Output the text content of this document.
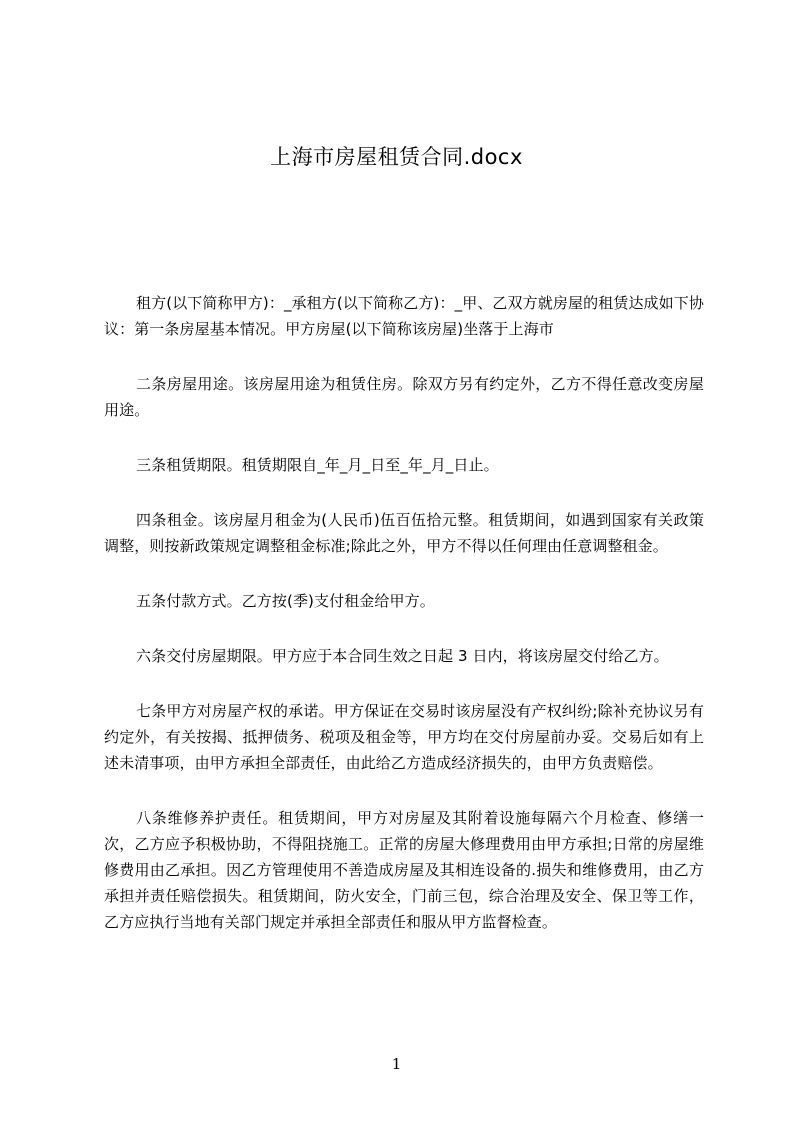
上海市房屋租赁合同.docx

租方(以下简称甲方)：_承租方(以下简称乙方)：_甲、乙双方就房屋的租赁达成如下协议：第一条房屋基本情况。甲方房屋(以下简称该房屋)坐落于上海市

二条房屋用途。该房屋用途为租赁住房。除双方另有约定外，乙方不得任意改变房屋用途。

三条租赁期限。租赁期限自_年_月_日至_年_月_日止。

四条租金。该房屋月租金为(人民币)伍百伍拾元整。租赁期间，如遇到国家有关政策调整，则按新政策规定调整租金标准;除此之外，甲方不得以任何理由任意调整租金。

五条付款方式。乙方按(季)支付租金给甲方。

六条交付房屋期限。甲方应于本合同生效之日起 3 日内，将该房屋交付给乙方。

七条甲方对房屋产权的承诺。甲方保证在交易时该房屋没有产权纠纷;除补充协议另有约定外，有关按揭、抵押债务、税项及租金等，甲方均在交付房屋前办妥。交易后如有上述未清事项，由甲方承担全部责任，由此给乙方造成经济损失的，由甲方负责赔偿。

八条维修养护责任。租赁期间，甲方对房屋及其附着设施每隔六个月检查、修缮一次，乙方应予积极协助，不得阻挠施工。正常的房屋大修理费用由甲方承担;日常的房屋维修费用由乙承担。因乙方管理使用不善造成房屋及其相连设备的.损失和维修费用，由乙方承担并责任赔偿损失。租赁期间，防火安全，门前三包，综合治理及安全、保卫等工作，乙方应执行当地有关部门规定并承担全部责任和服从甲方监督检查。

1
